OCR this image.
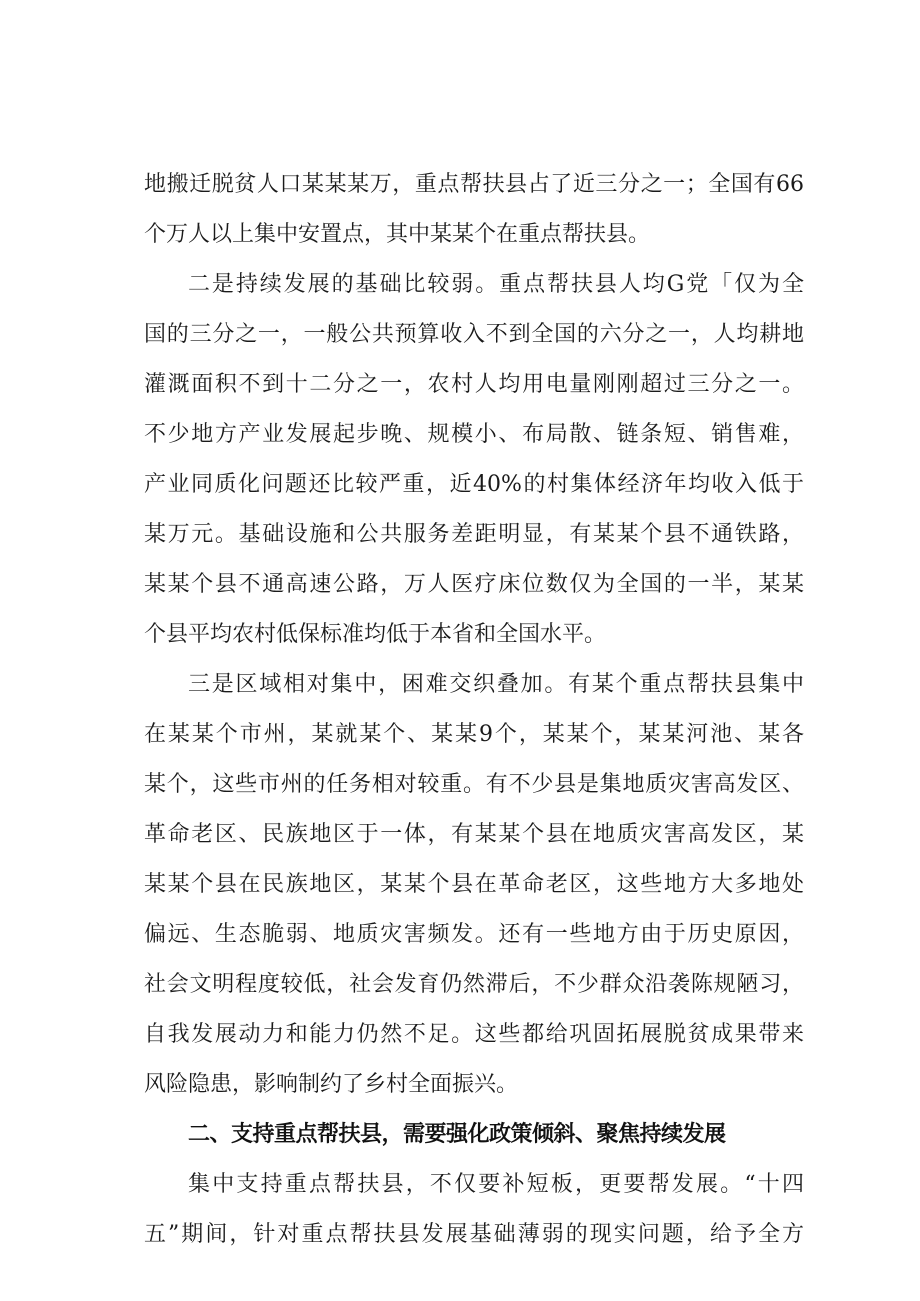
地搬迁脱贫人口某某某万，重点帮扶县占了近三分之一；全国有66
个万人以上集中安置点，其中某某个在重点帮扶县。
二是持续发展的基础比较弱。重点帮扶县人均G党「仅为全
国的三分之一，一般公共预算收入不到全国的六分之一，人均耕地
灌溉面积不到十二分之一，农村人均用电量刚刚超过三分之一。
不少地方产业发展起步晚、规模小、布局散、链条短、销售难，
产业同质化问题还比较严重，近40%的村集体经济年均收入低于
某万元。基础设施和公共服务差距明显，有某某个县不通铁路，
某某个县不通高速公路，万人医疗床位数仅为全国的一半，某某
个县平均农村低保标准均低于本省和全国水平。
三是区域相对集中，困难交织叠加。有某个重点帮扶县集中
在某某个市州，某就某个、某某9个，某某个，某某河池、某各
某个，这些市州的任务相对较重。有不少县是集地质灾害高发区、
革命老区、民族地区于一体，有某某个县在地质灾害高发区，某
某某个县在民族地区，某某个县在革命老区，这些地方大多地处
偏远、生态脆弱、地质灾害频发。还有一些地方由于历史原因，
社会文明程度较低，社会发育仍然滞后，不少群众沿袭陈规陋习，
自我发展动力和能力仍然不足。这些都给巩固拓展脱贫成果带来
风险隐患，影响制约了乡村全面振兴。
二、支持重点帮扶县，需要强化政策倾斜、聚焦持续发展
集中支持重点帮扶县，不仅要补短板，更要帮发展。“十四
五”期间，针对重点帮扶县发展基础薄弱的现实问题，给予全方
